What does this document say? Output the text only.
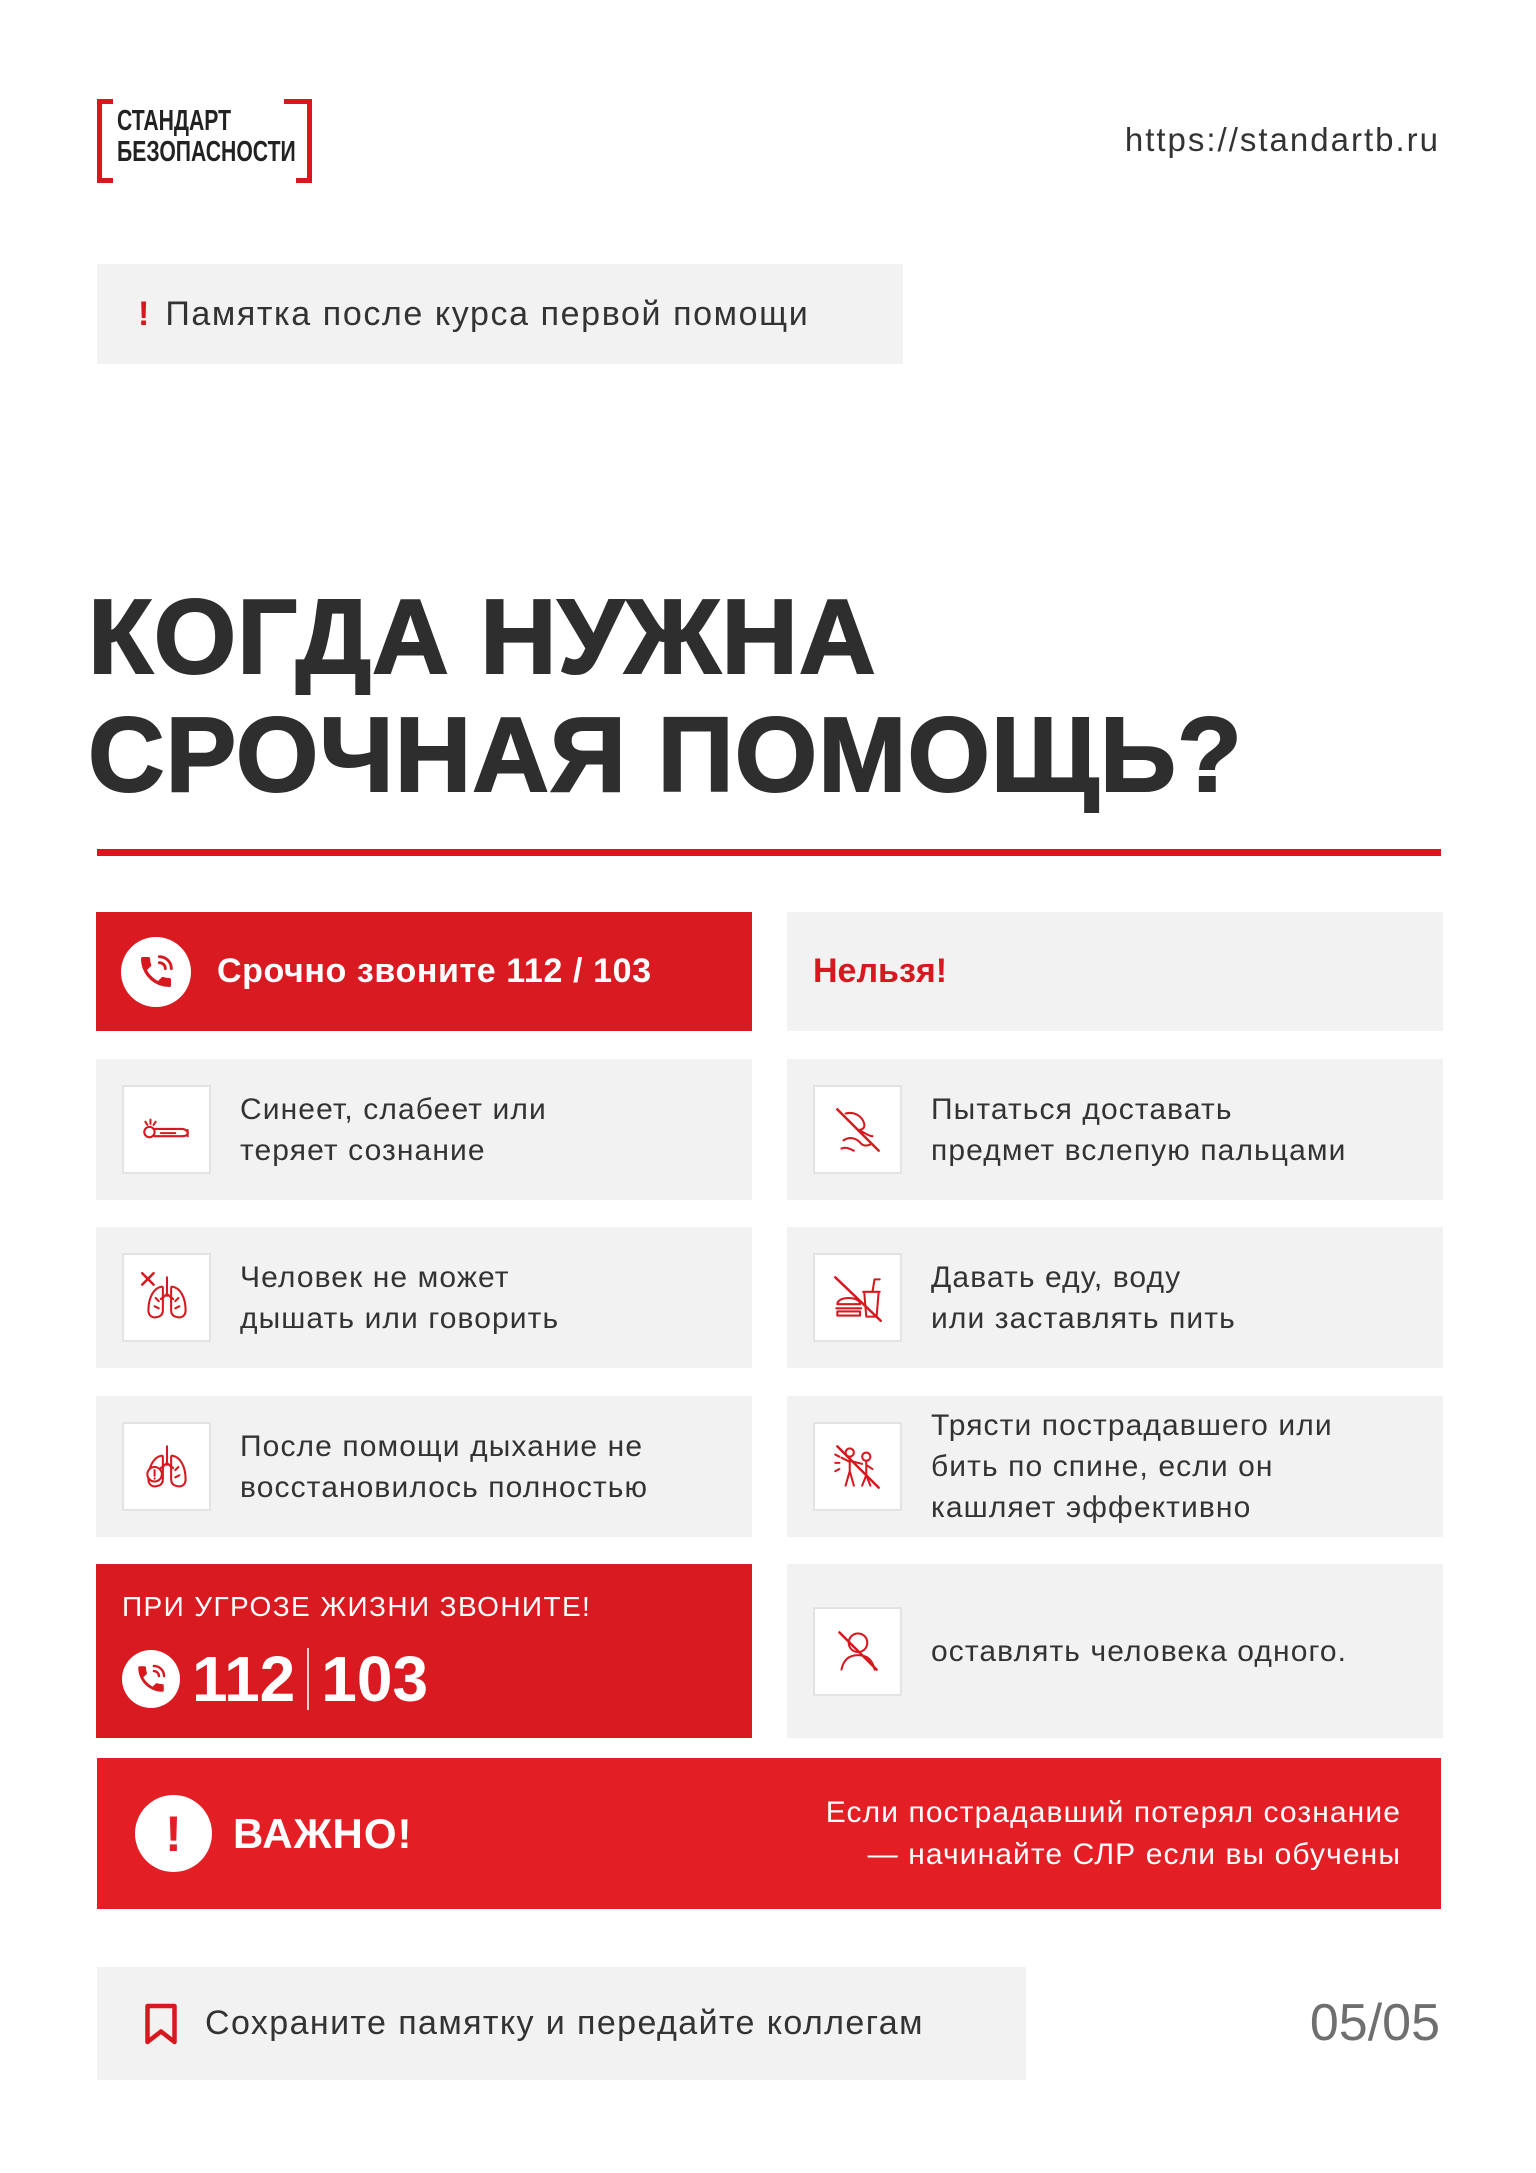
СТАНДАРТ
БЕЗОПАСНОСТИ	https://standartb.ru
! Памятка после курса первой помощи
КОГДА НУЖНА
СРОЧНАЯ ПОМОЩЬ?
Срочно звоните 112 / 103
Синеет, слабеет или
теряет сознание
Человек не может
дышать или говорить
После помощи дыхание не
восстановилось полностью
ПРИ УГРОЗЕ ЖИЗНИ ЗВОНИТЕ!
112 103
Нельзя!
Пытаться доставать
предмет вслепую пальцами
Давать еду, воду
или заставлять пить
Трясти пострадавшего или
бить по спине, если он
кашляет эффективно
оставлять человека одного.
!	ВАЖНО!	Если пострадавший потерял сознание
— начинайте СЛР если вы обучены
Сохраните памятку и передайте коллегам	05/05
